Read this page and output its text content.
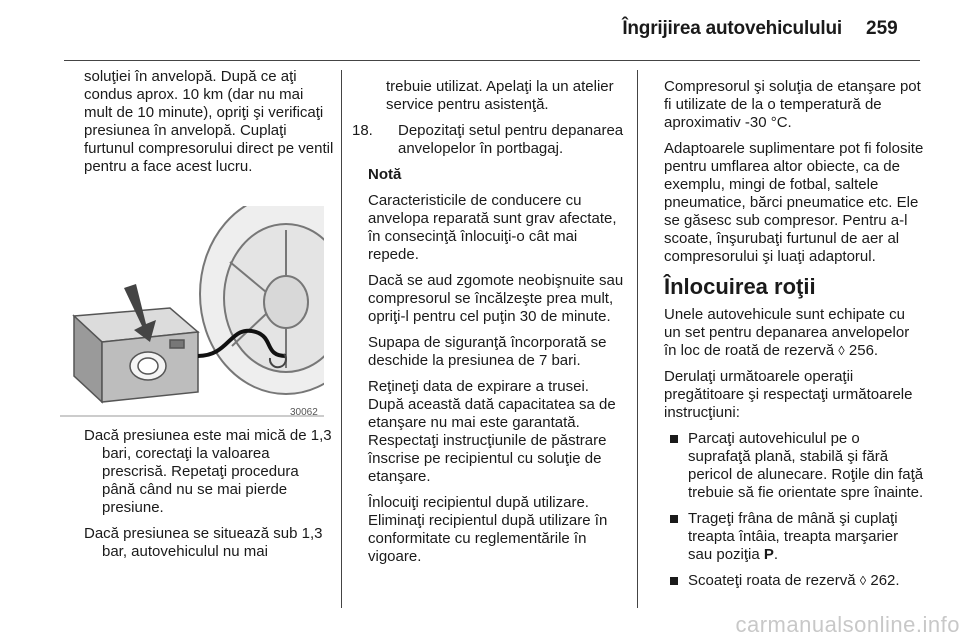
Îngrijirea autovehiculului 259

soluţiei în anvelopă. După ce aţi condus aprox. 10 km (dar nu mai mult de 10 minute), opriţi şi verificaţi presiunea în anvelopă. Cuplaţi furtunul compresorului direct pe ventil pentru a face acest lucru.

30062

Dacă presiunea este mai mică de 1,3 bari, corectaţi la valoarea prescrisă. Repetaţi procedura până când nu se mai pierde presiune.

Dacă presiunea se situează sub 1,3 bar, autovehiculul nu mai

trebuie utilizat. Apelaţi la un atelier service pentru asistenţă.

18. Depozitaţi setul pentru depanarea anvelopelor în portbagaj.

Notă

Caracteristicile de conducere cu anvelopa reparată sunt grav afectate, în consecinţă înlocuiţi-o cât mai repede.

Dacă se aud zgomote neobişnuite sau compresorul se încălzeşte prea mult, opriţi-l pentru cel puţin 30 de minute.

Supapa de siguranţă încorporată se deschide la presiunea de 7 bari.

Reţineţi data de expirare a trusei. După această dată capacitatea sa de etanşare nu mai este garantată. Respectaţi instrucţiunile de păstrare înscrise pe recipientul cu soluţie de etanşare.

Înlocuiţi recipientul după utilizare. Eliminaţi recipientul după utilizare în conformitate cu reglementările în vigoare.

Compresorul şi soluţia de etanşare pot fi utilizate de la o temperatură de aproximativ -30 °C.

Adaptoarele suplimentare pot fi folosite pentru umflarea altor obiecte, ca de exemplu, mingi de fotbal, saltele pneumatice, bărci pneumatice etc. Ele se găsesc sub compresor. Pentru a-l scoate, înşurubaţi furtunul de aer al compresorului şi luaţi adaptorul.

Înlocuirea roţii

Unele autovehicule sunt echipate cu un set pentru depanarea anvelopelor în loc de roată de rezervă ◊ 256.

Derulaţi următoarele operaţii pregătitoare şi respectaţi următoarele instrucţiuni:

Parcaţi autovehiculul pe o suprafaţă plană, stabilă şi fără pericol de alunecare. Roţile din faţă trebuie să fie orientate spre înainte.
Trageţi frâna de mână şi cuplaţi treapta întâia, treapta marşarier sau poziţia P.
Scoateţi roata de rezervă ◊ 262.
carmanualsonline.info
